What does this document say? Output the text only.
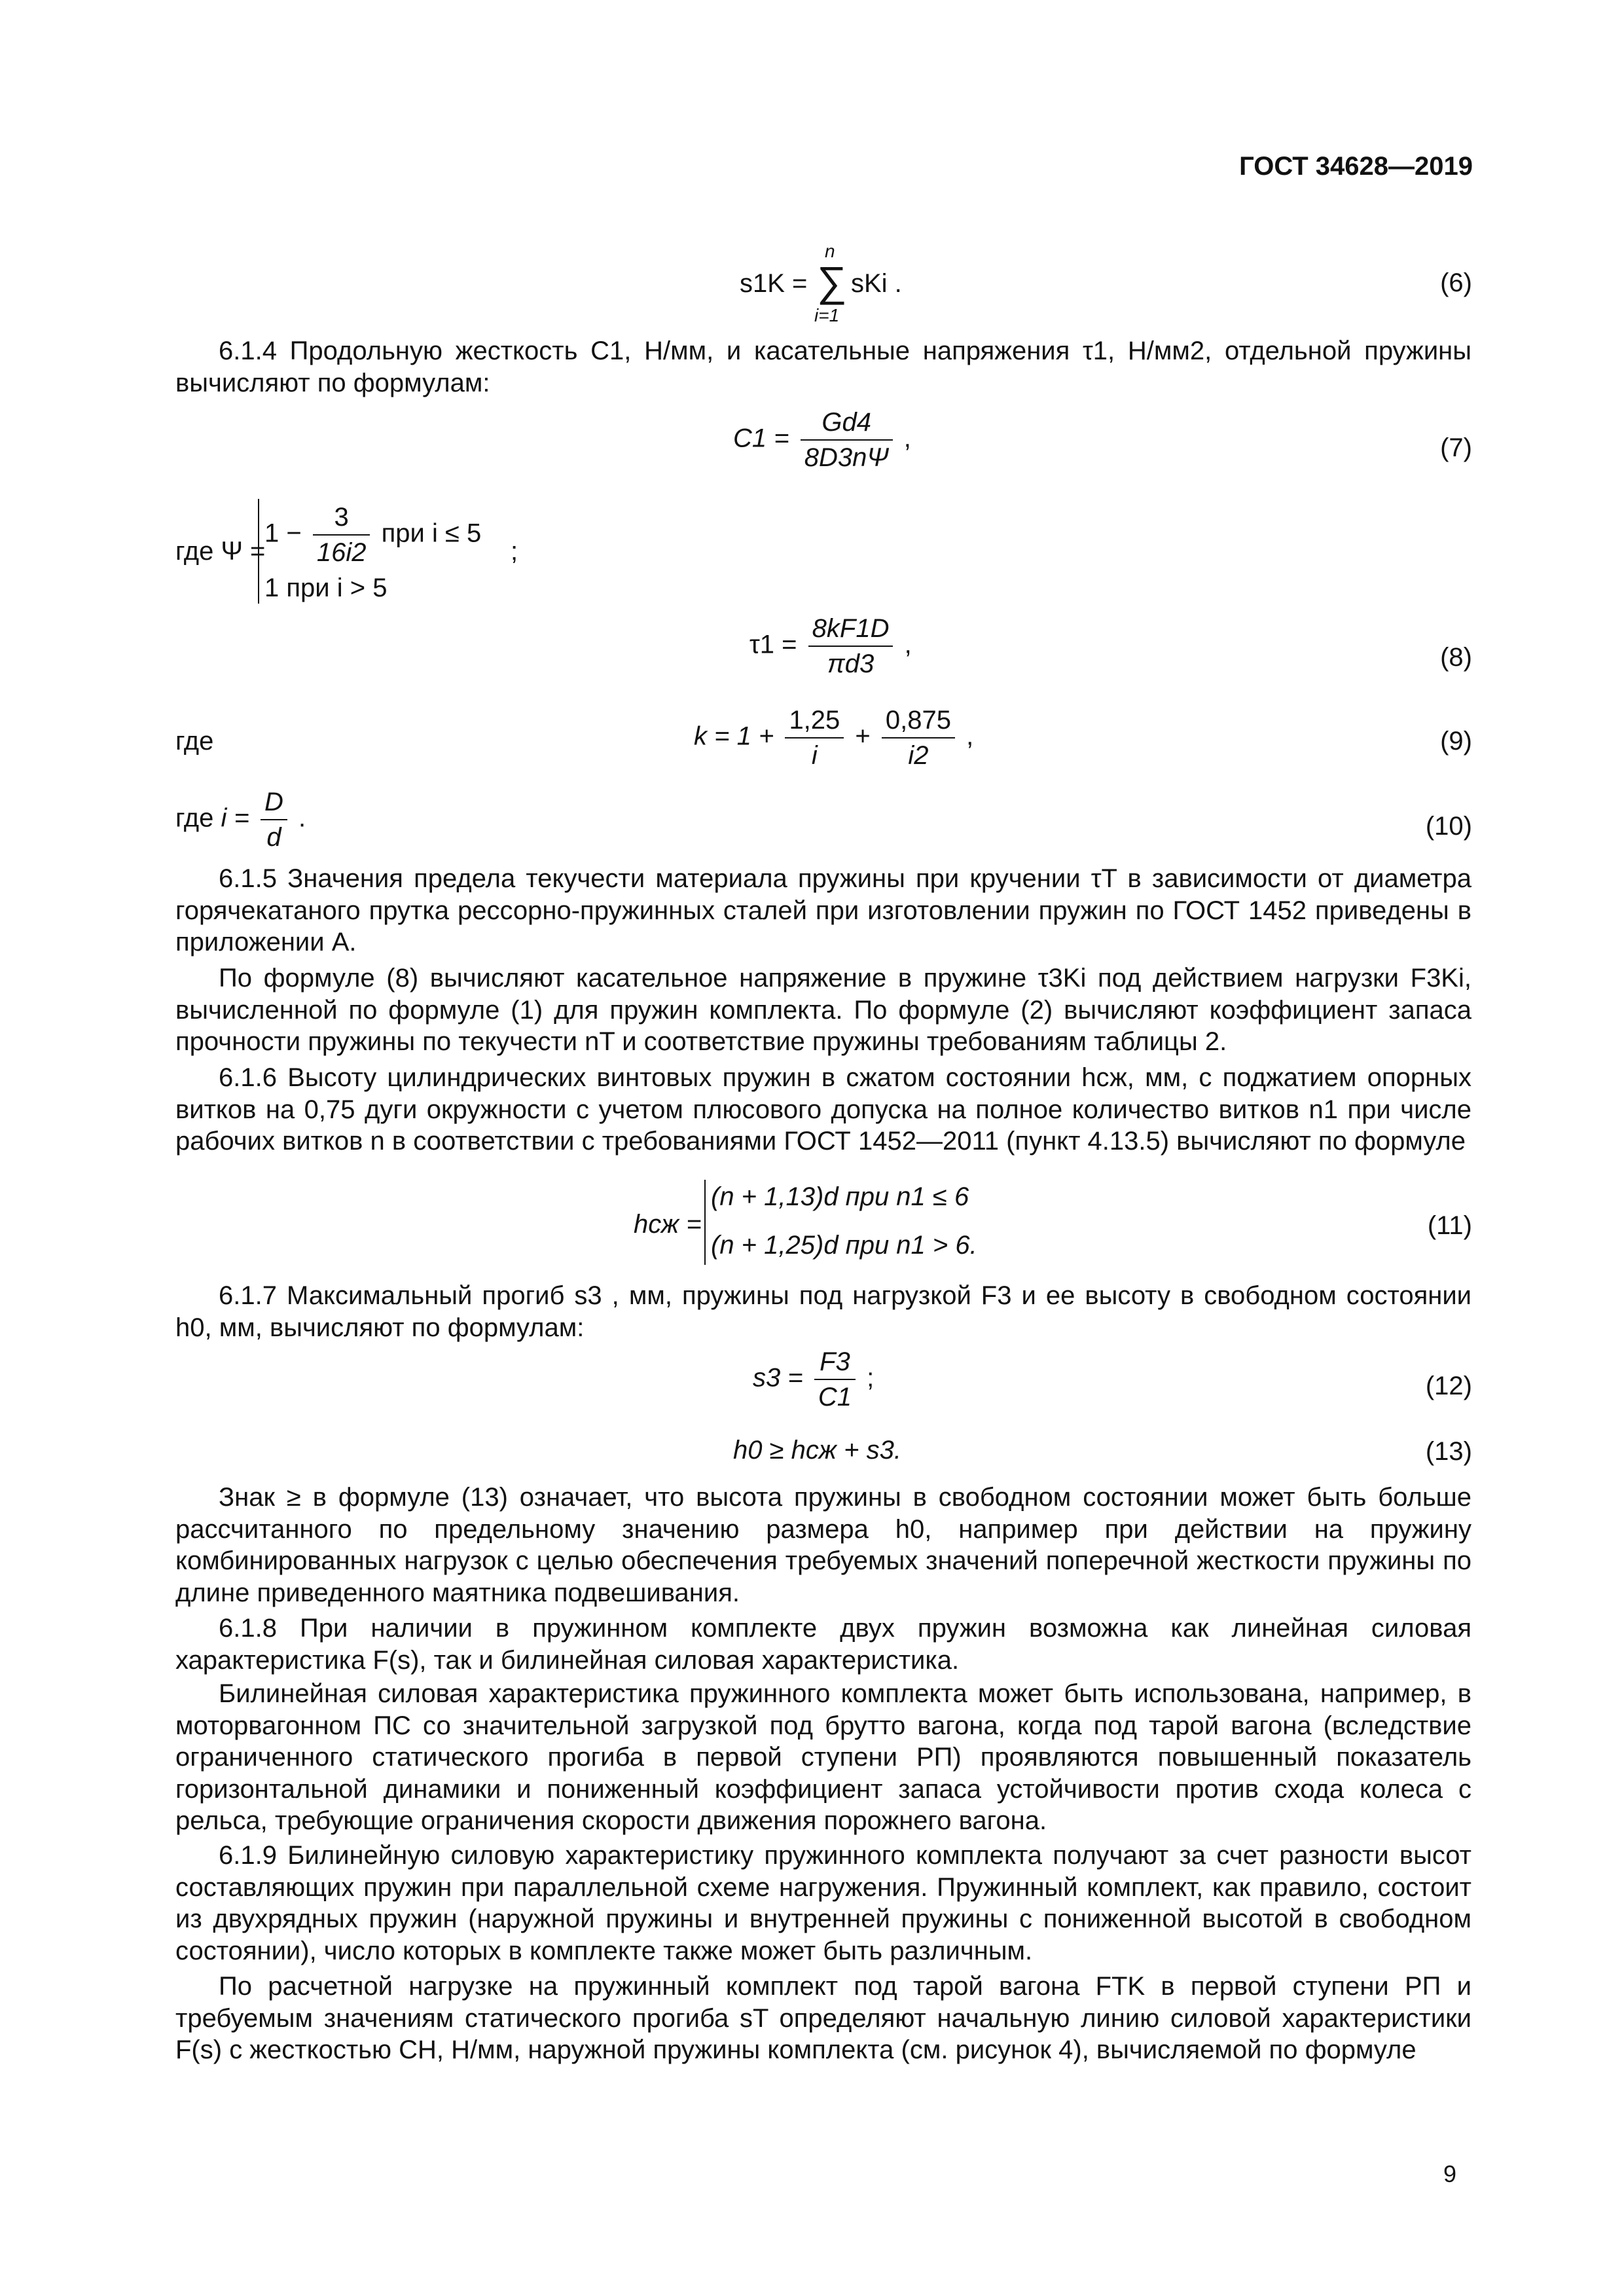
ГОСТ 34628—2019
s1K =
n
∑
i=1
sKi .	(6)

6.1.4 Продольную жесткость C1, Н/мм, и касательные напряжения τ1, Н/мм2, отдельной пружины вычисляют по формулам:

$C1 = \frac{Gd4}{8D3n\Psi}$ ,	(7)
где Ψ =
$1 - \frac{3}{16i2}$ при i ≤ 5
;
1 при i > 5
$\tau 1 = \frac{8kF1D}{\pi d3}$ ,	(8)
где	$k = 1 + \frac{1,25}{i} + \frac{0,875}{i2}$ ,	(9)
где $i = \frac{D}{d}$ .	(10)

6.1.5 Значения предела текучести материала пружины при кручении τT в зависимости от диаметра горячекатаного прутка рессорно-пружинных сталей при изготовлении пружин по ГОСТ 1452 приведены в приложении А.

По формуле (8) вычисляют касательное напряжение в пружине τ3Ki под действием нагрузки F3Ki, вычисленной по формуле (1) для пружин комплекта. По формуле (2) вычисляют коэффициент запаса прочности пружины по текучести nT и соответствие пружины требованиям таблицы 2.

6.1.6 Высоту цилиндрических винтовых пружин в сжатом состоянии hсж, мм, с поджатием опорных витков на 0,75 дуги окружности с учетом плюсового допуска на полное количество витков n1 при числе рабочих витков n в соответствии с требованиями ГОСТ 1452—2011 (пункт 4.13.5) вычисляют по формуле

hсж =
(n + 1,13)d при n1 ≤ 6
(n + 1,25)d при n1 > 6.
(11)

6.1.7 Максимальный прогиб s3 , мм, пружины под нагрузкой F3 и ее высоту в свободном состоянии h0, мм, вычисляют по формулам:

$s3 = \frac{F3}{C1}$ ;	(12)
h0 ≥ hсж + s3.	(13)

Знак ≥ в формуле (13) означает, что высота пружины в свободном состоянии может быть больше рассчитанного по предельному значению размера h0, например при действии на пружину комбинированных нагрузок с целью обеспечения требуемых значений поперечной жесткости пружины по длине приведенного маятника подвешивания.

6.1.8 При наличии в пружинном комплекте двух пружин возможна как линейная силовая характеристика F(s), так и билинейная силовая характеристика.

Билинейная силовая характеристика пружинного комплекта может быть использована, например, в моторвагонном ПС со значительной загрузкой под брутто вагона, когда под тарой вагона (вследствие ограниченного статического прогиба в первой ступени РП) проявляются повышенный показатель горизонтальной динамики и пониженный коэффициент запаса устойчивости против схода колеса с рельса, требующие ограничения скорости движения порожнего вагона.

6.1.9 Билинейную силовую характеристику пружинного комплекта получают за счет разности высот составляющих пружин при параллельной схеме нагружения. Пружинный комплект, как правило, состоит из двухрядных пружин (наружной пружины и внутренней пружины с пониженной высотой в свободном состоянии), число которых в комплекте также может быть различным.

По расчетной нагрузке на пружинный комплект под тарой вагона FTK в первой ступени РП и требуемым значениям статического прогиба sT определяют начальную линию силовой характеристики F(s) с жесткостью CH, Н/мм, наружной пружины комплекта (см. рисунок 4), вычисляемой по формуле

9
